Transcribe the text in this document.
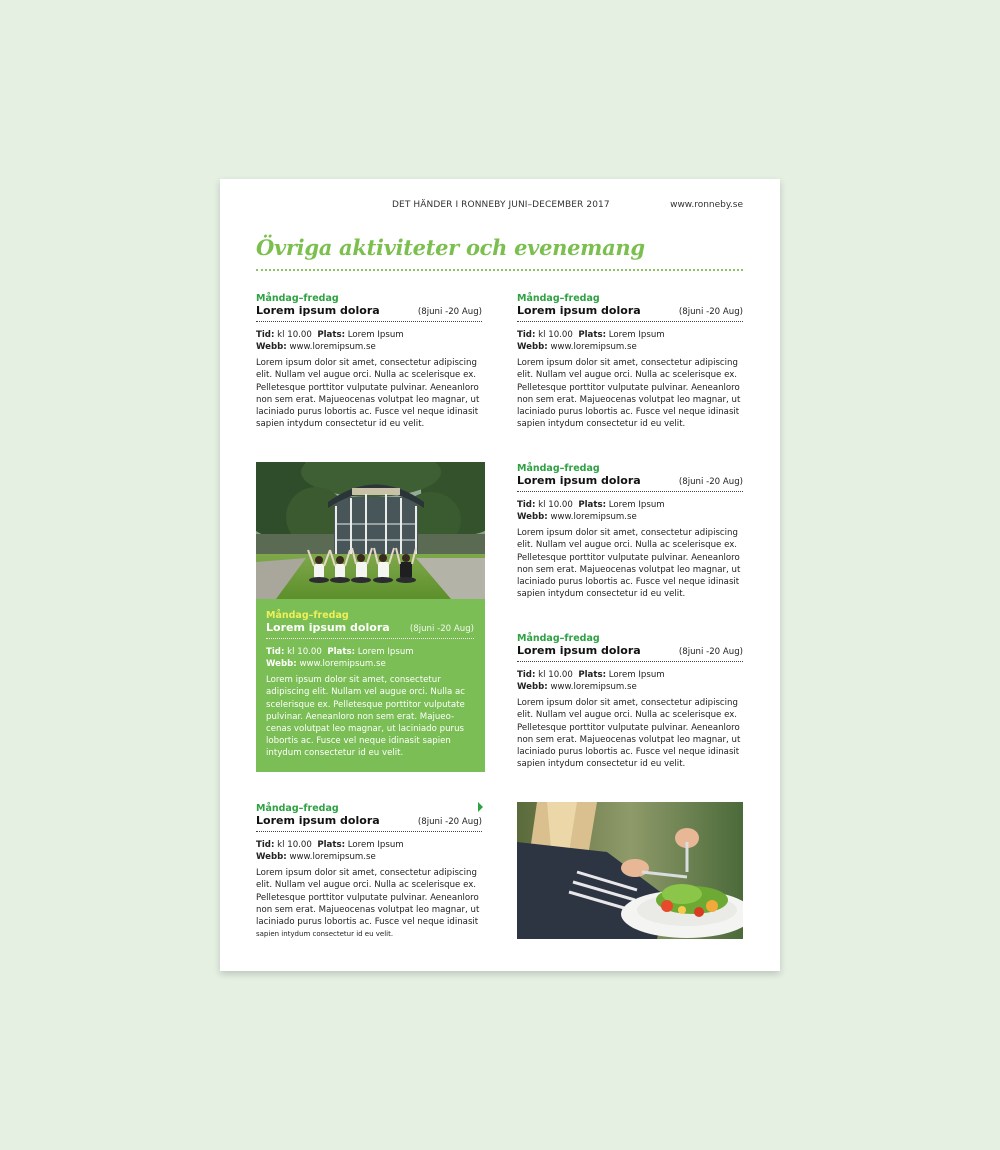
DET HÄNDER I RONNEBY JUNI–DECEMBER 2017	www.ronneby.se
Övriga aktiviteter och evenemang
Måndag–fredag
Lorem ipsum dolora	(8juni -20 Aug)
Tid: kl 10.00 Plats: Lorem Ipsum
Webb: www.loremipsum.se
Lorem ipsum dolor sit amet, consectetur adipiscing elit. Nullam vel augue orci. Nulla ac scelerisque ex. Pelletesque porttitor vulputate pulvinar. Aeneanloro non sem erat. Majueocenas volutpat leo magnar, ut laciniado purus lobortis ac. Fusce vel neque idinasit sapien intydum consectetur id eu velit.
Måndag–fredag
Lorem ipsum dolora	(8juni -20 Aug)
Tid: kl 10.00 Plats: Lorem Ipsum
Webb: www.loremipsum.se
Lorem ipsum dolor sit amet, consectetur adipiscing elit. Nullam vel augue orci. Nulla ac scelerisque ex. Pelletesque porttitor vulputate pulvinar. Aeneanloro non sem erat. Majueocenas volutpat leo magnar, ut laciniado purus lobortis ac. Fusce vel neque idinasit sapien intydum consectetur id eu velit.
Måndag–fredag
Lorem ipsum dolora (8juni -20 Aug)
Tid: kl 10.00 Plats: Lorem Ipsum
Webb: www.loremipsum.se
Lorem ipsum dolor sit amet, consectetur adipiscing elit. Nullam vel augue orci. Nulla ac scelerisque ex. Pelletesque porttitor vulputate pulvinar. Aeneanloro non sem erat. Majueo-cenas volutpat leo magnar, ut laciniado purus lobortis ac. Fusce vel neque idinasit sapien intydum consectetur id eu velit.
Måndag–fredag
Lorem ipsum dolora	(8juni -20 Aug)
Tid: kl 10.00 Plats: Lorem Ipsum
Webb: www.loremipsum.se
Lorem ipsum dolor sit amet, consectetur adipiscing elit. Nullam vel augue orci. Nulla ac scelerisque ex. Pelletesque porttitor vulputate pulvinar. Aeneanloro non sem erat. Majueocenas volutpat leo magnar, ut laciniado purus lobortis ac. Fusce vel neque idinasit sapien intydum consectetur id eu velit.
Måndag–fredag
Lorem ipsum dolora	(8juni -20 Aug)
Tid: kl 10.00 Plats: Lorem Ipsum
Webb: www.loremipsum.se
Lorem ipsum dolor sit amet, consectetur adipiscing elit. Nullam vel augue orci. Nulla ac scelerisque ex. Pelletesque porttitor vulputate pulvinar. Aeneanloro non sem erat. Majueocenas volutpat leo magnar, ut laciniado purus lobortis ac. Fusce vel neque idinasit sapien intydum consectetur id eu velit.
Måndag–fredag
Lorem ipsum dolora	(8juni -20 Aug)
Tid: kl 10.00 Plats: Lorem Ipsum
Webb: www.loremipsum.se
Lorem ipsum dolor sit amet, consectetur adipiscing elit. Nullam vel augue orci. Nulla ac scelerisque ex. Pelletesque porttitor vulputate pulvinar. Aeneanloro non sem erat. Majueocenas volutpat leo magnar, ut laciniado purus lobortis ac. Fusce vel neque idinasit
sapien intydum consectetur id eu velit.
